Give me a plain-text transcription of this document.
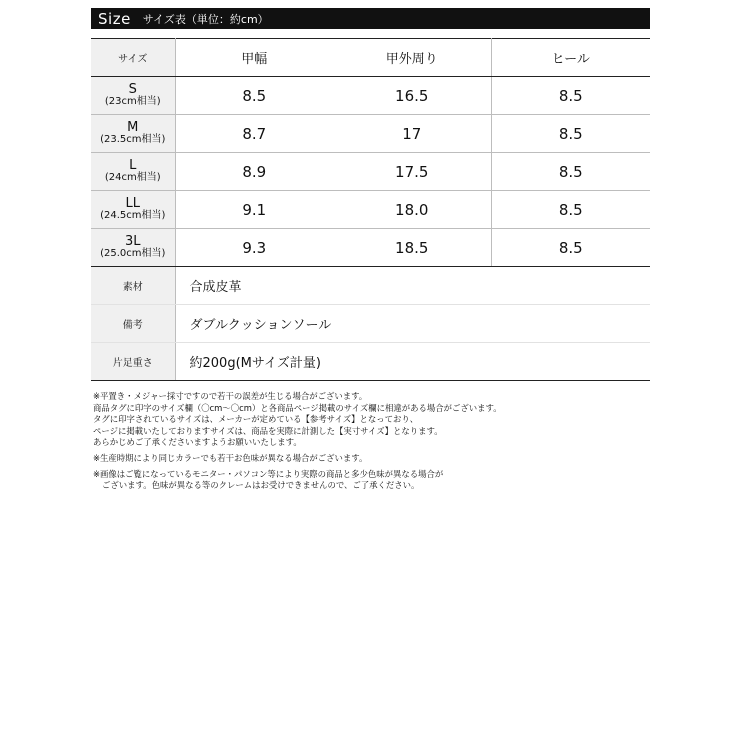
Size サイズ表（単位：約cm）
サイズ	甲幅	甲外周り	ヒール

S
(23cm相当)	8.5	16.5	8.5

M
(23.5cm相当)	8.7	17	8.5

L
(24cm相当)	8.9	17.5	8.5

LL
(24.5cm相当)	9.1	18.0	8.5

3L
(25.0cm相当)	9.3	18.5	8.5
素材	合成皮革		
備考	ダブルクッションソール		
片足重さ	約200g(Mサイズ計量)		

※平置き・メジャー採寸ですので若干の誤差が生じる場合がございます。

商品タグに印字のサイズ欄（〇cm〜〇cm）と各商品ページ掲載のサイズ欄に相違がある場合がございます。

タグに印字されているサイズは、メーカーが定めている【参考サイズ】となっており、

ページに掲載いたしておりますサイズは、商品を実際に計測した【実寸サイズ】となります。

あらかじめご了承くださいますようお願いいたします。

※生産時期により同じカラーでも若干お色味が異なる場合がございます。

※画像はご覧になっているモニター・パソコン等により実際の商品と多少色味が異なる場合が

ございます。色味が異なる等のクレームはお受けできませんので、ご了承ください。
